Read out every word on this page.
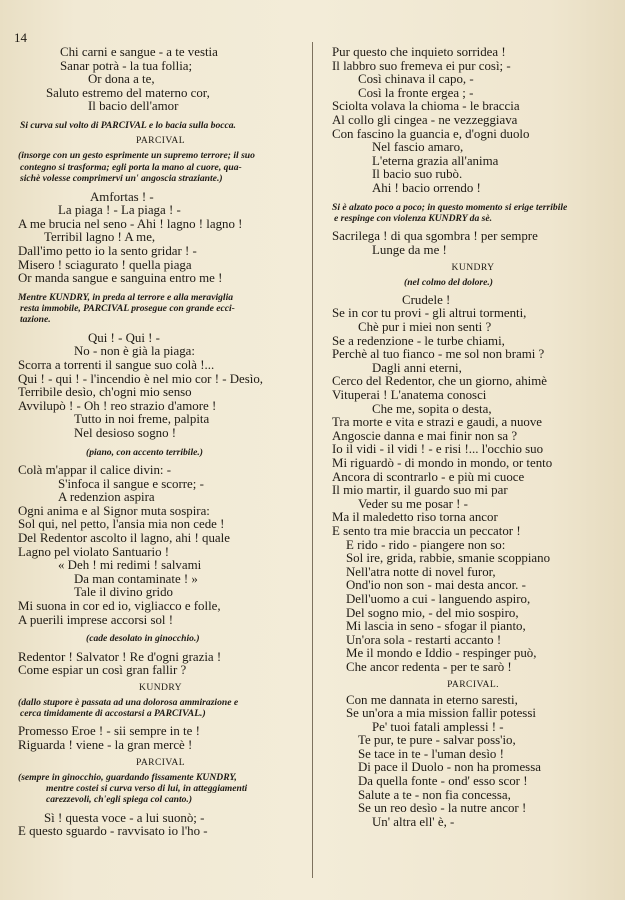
14
Chi carni e sangue - a te vestia
Sanar potrà - la tua follia;
Or dona a te,
Saluto estremo del materno cor,
Il bacio dell'amor
Si curva sul volto di PARCIVAL e lo bacia sulla bocca.
PARCIVAL
(insorge con un gesto esprimente un supremo terrore; il suo
contegno si trasforma; egli porta la mano al cuore, qua-
sichè volesse comprimervi un' angoscia straziante.)
Amfortas ! -
La piaga ! - La piaga ! -
A me brucia nel seno - Ahi ! lagno ! lagno !
Terribil lagno ! A me,
Dall'imo petto io la sento gridar ! -
Misero ! sciagurato ! quella piaga
Or manda sangue e sanguina entro me !
Mentre KUNDRY, in preda al terrore e alla meraviglia
resta immobile, PARCIVAL prosegue con grande ecci-
tazione.
Qui ! - Qui ! -
No - non è già la piaga:
Scorra a torrenti il sangue suo colà !...
Qui ! - qui ! - l'incendio è nel mio cor ! - Desìo,
Terribile desìo, ch'ogni mio senso
Avvilupò ! - Oh ! reo strazio d'amore !
Tutto in noi freme, palpita
Nel desioso sogno !
(piano, con accento terribile.)
Colà m'appar il calice divin: -
S'infoca il sangue e scorre; -
A redenzion aspira
Ogni anima e al Signor muta sospira:
Sol qui, nel petto, l'ansia mia non cede !
Del Redentor ascolto il lagno, ahi ! quale
Lagno pel violato Santuario !
« Deh ! mi redimi ! salvami
Da man contaminate ! »
Tale il divino grido
Mi suona in cor ed io, vigliacco e folle,
A puerili imprese accorsi sol !
(cade desolato in ginocchio.)
Redentor ! Salvator ! Re d'ogni grazia !
Come espiar un così gran fallir ?
KUNDRY
(dallo stupore è passata ad una dolorosa ammirazione e
cerca timidamente di accostarsi a PARCIVAL.)
Promesso Eroe ! - sii sempre in te !
Riguarda ! viene - la gran mercè !
PARCIVAL
(sempre in ginocchio, guardando fissamente KUNDRY,
mentre costei si curva verso di lui, in atteggiamenti
carezzevoli, ch'egli spiega col canto.)
Sì ! questa voce - a lui suonò; -
E questo sguardo - ravvisato io l'ho -
Pur questo che inquieto sorridea !
Il labbro suo fremeva ei pur così; -
Così chinava il capo, -
Così la fronte ergea ; -
Sciolta volava la chioma - le braccia
Al collo gli cingea - ne vezzeggiava
Con fascino la guancia e, d'ogni duolo
Nel fascio amaro,
L'eterna grazia all'anima
Il bacio suo rubò.
Ahi ! bacio orrendo !
Si è alzato poco a poco; in questo momento si erige terribile
e respinge con violenza KUNDRY da sè.
Sacrilega ! di qua sgombra ! per sempre
Lunge da me !
KUNDRY
(nel colmo del dolore.)
Crudele !
Se in cor tu provi - gli altrui tormenti,
Chè pur i miei non senti ?
Se a redenzione - le turbe chiami,
Perchè al tuo fianco - me sol non brami ?
Dagli anni eterni,
Cerco del Redentor, che un giorno, ahimè
Vituperai ! L'anatema conosci
Che me, sopita o desta,
Tra morte e vita e strazi e gaudi, a nuove
Angoscie danna e mai finir non sa ?
Io il vidi - il vidi ! - e risi !... l'occhio suo
Mi riguardò - di mondo in mondo, or tento
Ancora di scontrarlo - e più mi cuoce
Il mio martir, il guardo suo mi par
Veder su me posar ! -
Ma il maledetto riso torna ancor
E sento tra mie braccia un peccator !
E rido - rido - piangere non so:
Sol ire, grida, rabbie, smanie scoppiano
Nell'atra notte di novel furor,
Ond'io non son - mai desta ancor. -
Dell'uomo a cui - languendo aspiro,
Del sogno mio, - del mio sospiro,
Mi lascia in seno - sfogar il pianto,
Un'ora sola - restarti accanto !
Me il mondo e Iddio - respinger può,
Che ancor redenta - per te sarò !
PARCIVAL.
Con me dannata in eterno saresti,
Se un'ora a mia mission fallir potessi
Pe' tuoi fatali amplessi ! -
Te pur, te pure - salvar poss'io,
Se tace in te - l'uman desìo !
Di pace il Duolo - non ha promessa
Da quella fonte - ond' esso scor !
Salute a te - non fia concessa,
Se un reo desìo - la nutre ancor !
Un' altra ell' è, -
